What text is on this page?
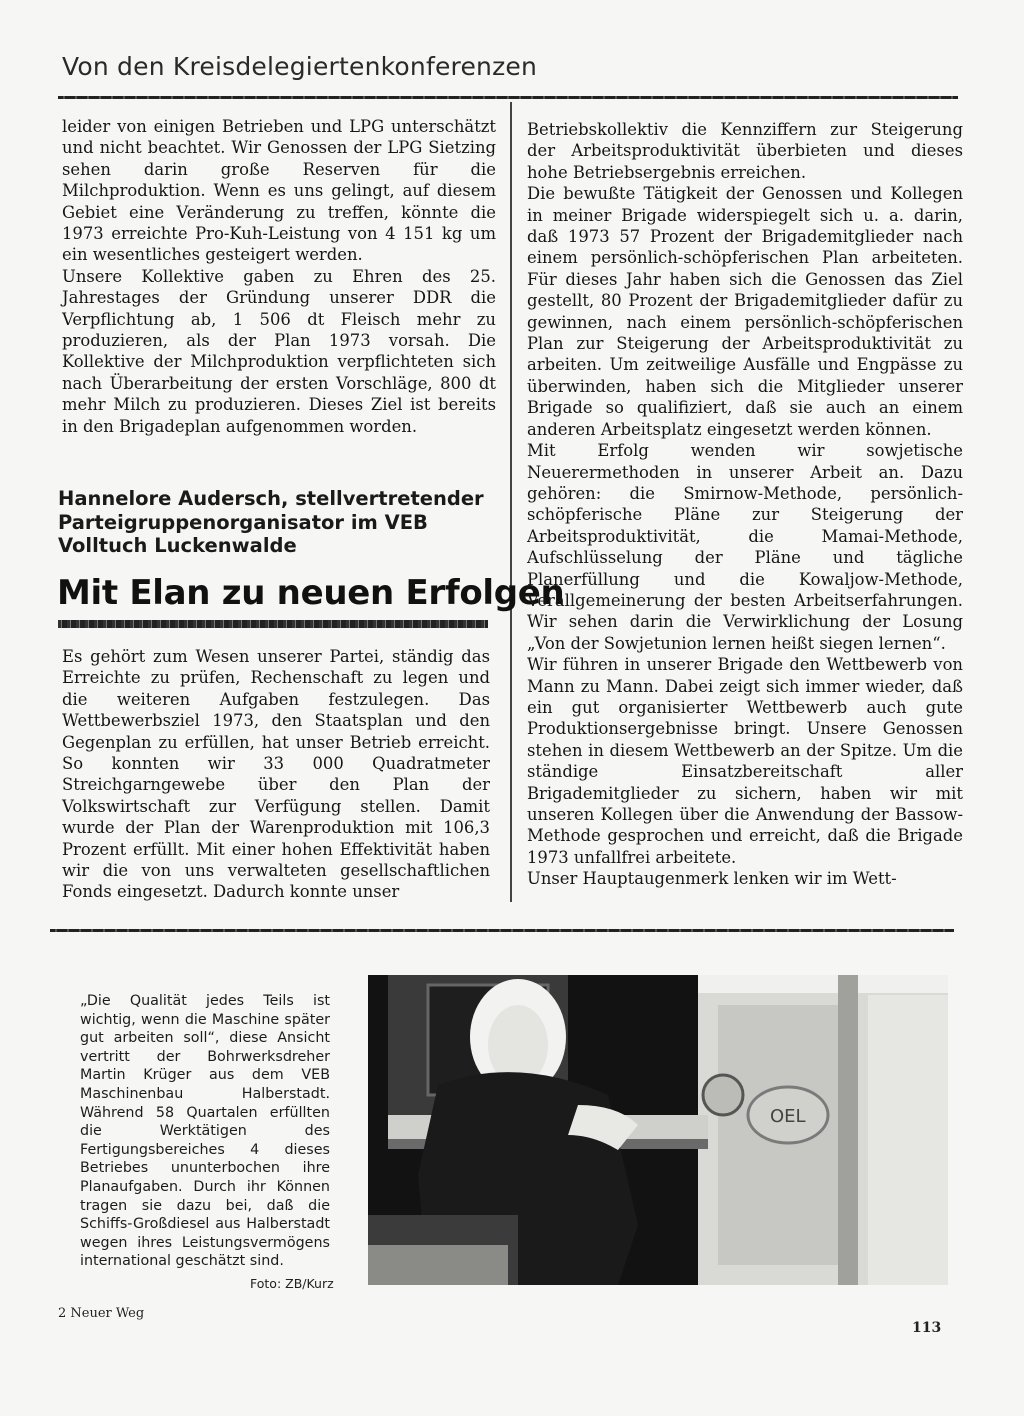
Von den Kreisdelegiertenkonferenzen

leider von einigen Betrieben und LPG unterschätzt und nicht beachtet. Wir Genossen der LPG Sietzing sehen darin große Reserven für die Milchproduktion. Wenn es uns gelingt, auf diesem Gebiet eine Veränderung zu treffen, könnte die 1973 erreichte Pro-Kuh-Leistung von 4 151 kg um ein wesentliches gesteigert werden.

Unsere Kollektive gaben zu Ehren des 25. Jahrestages der Gründung unserer DDR die Verpflichtung ab, 1 506 dt Fleisch mehr zu produzieren, als der Plan 1973 vorsah. Die Kollektive der Milchproduktion verpflichteten sich nach Überarbeitung der ersten Vorschläge, 800 dt mehr Milch zu produzieren. Dieses Ziel ist bereits in den Brigadeplan aufgenommen worden.

Hannelore Audersch, stellvertretender Parteigruppenorganisator im VEB Volltuch Luckenwalde
Mit Elan zu neuen Erfolgen

Es gehört zum Wesen unserer Partei, ständig das Erreichte zu prüfen, Rechenschaft zu legen und die weiteren Aufgaben festzulegen. Das Wettbewerbsziel 1973, den Staatsplan und den Gegenplan zu erfüllen, hat unser Betrieb erreicht. So konnten wir 33 000 Quadratmeter Streichgarngewebe über den Plan der Volkswirtschaft zur Verfügung stellen. Damit wurde der Plan der Warenproduktion mit 106,3 Prozent erfüllt. Mit einer hohen Effektivität haben wir die von uns verwalteten gesellschaftlichen Fonds eingesetzt. Dadurch konnte unser

Betriebskollektiv die Kennziffern zur Steigerung der Arbeitsproduktivität überbieten und dieses hohe Betriebsergebnis erreichen.

Die bewußte Tätigkeit der Genossen und Kollegen in meiner Brigade widerspiegelt sich u. a. darin, daß 1973 57 Prozent der Brigademitglieder nach einem persönlich-schöpferischen Plan arbeiteten. Für dieses Jahr haben sich die Genossen das Ziel gestellt, 80 Prozent der Brigademitglieder dafür zu gewinnen, nach einem persönlich-schöpferischen Plan zur Steigerung der Arbeitsproduktivität zu arbeiten. Um zeitweilige Ausfälle und Engpässe zu überwinden, haben sich die Mitglieder unserer Brigade so qualifiziert, daß sie auch an einem anderen Arbeitsplatz eingesetzt werden können.

Mit Erfolg wenden wir sowjetische Neuerermethoden in unserer Arbeit an. Dazu gehören: die Smirnow-Methode, persönlich-schöpferische Pläne zur Steigerung der Arbeitsproduktivität, die Mamai-Methode, Aufschlüsselung der Pläne und tägliche Planerfüllung und die Kowaljow-Methode, Verallgemeinerung der besten Arbeitserfahrungen. Wir sehen darin die Verwirklichung der Losung „Von der Sowjetunion lernen heißt siegen lernen“.

Wir führen in unserer Brigade den Wettbewerb von Mann zu Mann. Dabei zeigt sich immer wieder, daß ein gut organisierter Wettbewerb auch gute Produktionsergebnisse bringt. Unsere Genossen stehen in diesem Wettbewerb an der Spitze. Um die ständige Einsatzbereitschaft aller Brigademitglieder zu sichern, haben wir mit unseren Kollegen über die Anwendung der Bassow-Methode gesprochen und erreicht, daß die Brigade 1973 unfallfrei arbeitete.

Unser Hauptaugenmerk lenken wir im Wett-

„Die Qualität jedes Teils ist wichtig, wenn die Maschine später gut arbeiten soll“, diese Ansicht vertritt der Bohrwerksdreher Martin Krüger aus dem VEB Maschinenbau Halberstadt. Während 58 Quartalen erfüllten die Werktätigen des Fertigungsbereiches 4 dieses Betriebes ununterbochen ihre Planaufgaben. Durch ihr Können tragen sie dazu bei, daß die Schiffs-Großdiesel aus Halberstadt wegen ihres Leistungsvermögens international geschätzt sind.
Foto: ZB/Kurz
OEL
2 Neuer Weg
113
